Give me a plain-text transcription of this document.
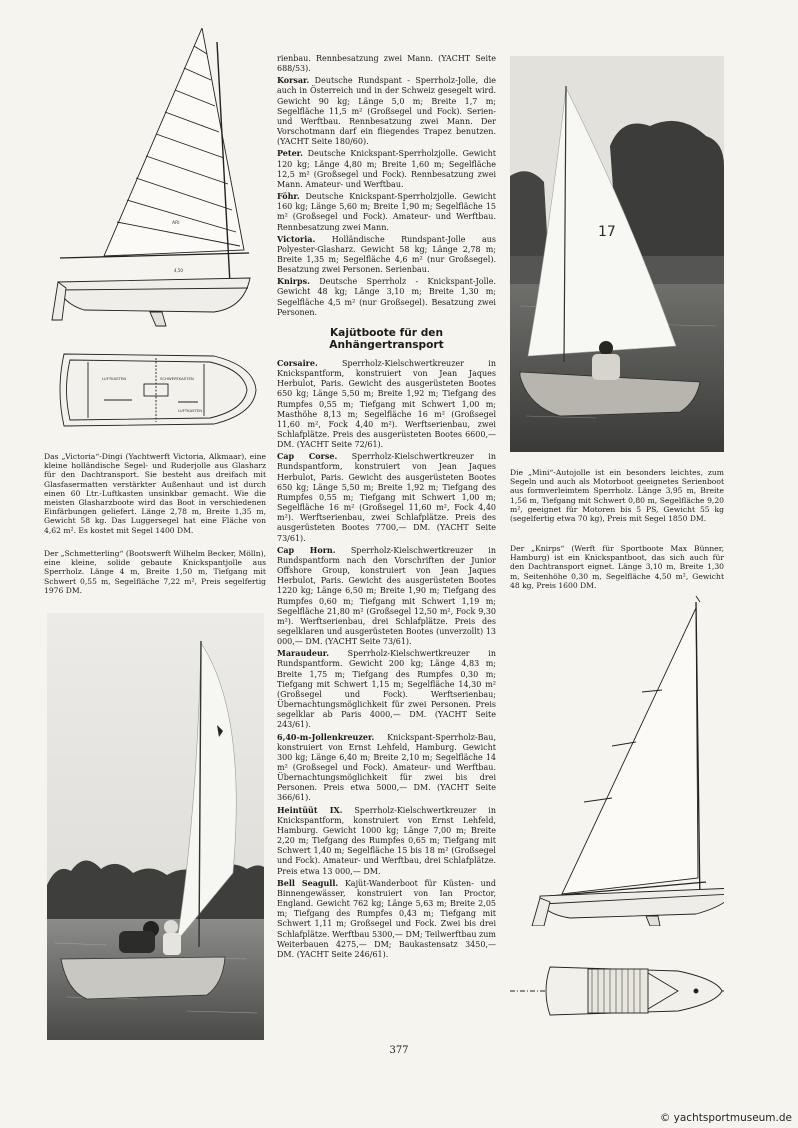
ARI
4,50
LUFTKASTEN	SCHWERTKASTEN
LUFTKASTEN

Das „Victoria“-Dingi (Yachtwerft Victoria, Alkmaar), eine kleine holländische Segel- und Ruderjolle aus Glasharz für den Dachtransport. Sie besteht aus dreifach mit Glasfasermatten verstärkter Außenhaut und ist durch einen 60 Ltr.-Luftkasten unsinkbar gemacht. Wie die meisten Glasharzboote wird das Boot in verschiedenen Einfärbungen geliefert. Länge 2,78 m, Breite 1,35 m, Gewicht 58 kg. Das Luggersegel hat eine Fläche von 4,62 m². Es kostet mit Segel 1400 DM.

Der „Schmetterling“ (Bootswerft Wilhelm Becker, Mölln), eine kleine, solide gebaute Knickspantjolle aus Sperrholz. Länge 4 m, Breite 1,50 m, Tiefgang mit Schwert 0,55 m, Segelfläche 7,22 m², Preis segelfertig 1976 DM.

rienbau. Rennbesatzung zwei Mann. (YACHT Seite 688/53).

Korsar. Deutsche Rundspant - Sperrholz-Jolle, die auch in Österreich und in der Schweiz gesegelt wird. Gewicht 90 kg; Länge 5,0 m; Breite 1,7 m; Segelfläche 11,5 m² (Großsegel und Fock). Serien- und Werftbau. Rennbesatzung zwei Mann. Der Vorschotmann darf ein fliegendes Trapez benutzen. (YACHT Seite 180/60).

Peter. Deutsche Knickspant-Sperrholzjolle. Gewicht 120 kg; Länge 4,80 m; Breite 1,60 m; Segelfläche 12,5 m² (Großsegel und Fock). Rennbesatzung zwei Mann. Amateur- und Werftbau.

Föhr. Deutsche Knickspant-Sperrholzjolle. Gewicht 160 kg; Länge 5,60 m; Breite 1,90 m; Segelfläche 15 m² (Großsegel und Fock). Amateur- und Werftbau. Rennbesatzung zwei Mann.

Victoria. Holländische Rundspant-Jolle aus Polyester-Glasharz. Gewicht 58 kg; Länge 2,78 m; Breite 1,35 m; Segelfläche 4,6 m² (nur Großsegel). Besatzung zwei Personen. Serienbau.

Knirps. Deutsche Sperrholz - Knickspant-Jolle. Gewicht 48 kg; Länge 3,10 m; Breite 1,30 m; Segelfläche 4,5 m² (nur Großsegel). Besatzung zwei Personen.

Kajütboote für den
Anhängertransport

Corsaire. Sperrholz-Kielschwertkreuzer in Knickspantform, konstruiert von Jean Jaques Herbulot, Paris. Gewicht des ausgerüsteten Bootes 650 kg; Länge 5,50 m; Breite 1,92 m; Tiefgang des Rumpfes 0,55 m; Tiefgang mit Schwert 1,00 m; Masthöhe 8,13 m; Segelfläche 16 m² (Großsegel 11,60 m², Fock 4,40 m²). Werftserienbau, zwei Schlafplätze. Preis des ausgerüsteten Bootes 6600,— DM. (YACHT Seite 72/61).

Cap Corse. Sperrholz-Kielschwertkreuzer in Rundspantform, konstruiert von Jean Jaques Herbulot, Paris. Gewicht des ausgerüsteten Bootes 650 kg; Länge 5,50 m; Breite 1,92 m; Tiefgang des Rumpfes 0,55 m; Tiefgang mit Schwert 1,00 m; Segelfläche 16 m² (Großsegel 11,60 m², Fock 4,40 m²). Werftserienbau, zwei Schlafplätze. Preis des ausgerüsteten Bootes 7700,— DM. (YACHT Seite 73/61).

Cap Horn. Sperrholz-Kielschwertkreuzer in Rundspantform nach den Vorschriften der Junior Offshore Group, konstruiert von Jean Jaques Herbulot, Paris. Gewicht des ausgerüsteten Bootes 1220 kg; Länge 6,50 m; Breite 1,90 m; Tiefgang des Rumpfes 0,60 m; Tiefgang mit Schwert 1,19 m; Segelfläche 21,80 m² (Großsegel 12,50 m², Fock 9,30 m²). Werftserienbau, drei Schlafplätze. Preis des segelklaren und ausgerüsteten Bootes (unverzollt) 13 000,— DM. (YACHT Seite 73/61).

Maraudeur. Sperrholz-Kielschwertkreuzer in Rundspantform. Gewicht 200 kg; Länge 4,83 m; Breite 1,75 m; Tiefgang des Rumpfes 0,30 m; Tiefgang mit Schwert 1,15 m; Segelfläche 14,30 m² (Großsegel und Fock). Werftserienbau; Übernachtungsmöglichkeit für zwei Personen. Preis segelklar ab Paris 4000,— DM. (YACHT Seite 243/61).

6,40-m-Jollenkreuzer. Knickspant-Sperrholz-Bau, konstruiert von Ernst Lehfeld, Hamburg. Gewicht 300 kg; Länge 6,40 m; Breite 2,10 m; Segelfläche 14 m² (Großsegel und Fock). Amateur- und Werftbau. Übernachtungsmöglichkeit für zwei bis drei Personen. Preis etwa 5000,— DM. (YACHT Seite 366/61).

Heintüüt IX. Sperrholz-Kielschwertkreuzer in Knickspantform, konstruiert von Ernst Lehfeld, Hamburg. Gewicht 1000 kg; Länge 7,00 m; Breite 2,20 m; Tiefgang des Rumpfes 0,65 m; Tiefgang mit Schwert 1,40 m; Segelfläche 15 bis 18 m² (Großsegel und Fock). Amateur- und Werftbau, drei Schlafplätze. Preis etwa 13 000,— DM.

Bell Seagull. Kajüt-Wanderboot für Küsten- und Binnengewässer, konstruiert von Ian Proctor, England. Gewicht 762 kg; Länge 5,63 m; Breite 2,05 m; Tiefgang des Rumpfes 0,43 m; Tiefgang mit Schwert 1,11 m; Großsegel und Fock. Zwei bis drei Schlafplätze. Werftbau 5300,— DM; Teilwerftbau zum Weiterbauen 4275,— DM; Baukastensatz 3450,— DM. (YACHT Seite 246/61).

17

Die „Mini“-Autojolle ist ein besonders leichtes, zum Segeln und auch als Motorboot geeignetes Serienboot aus formverleimtem Sperrholz. Länge 3,95 m, Breite 1,56 m, Tiefgang mit Schwert 0,80 m, Segelfläche 9,20 m², geeignet für Motoren bis 5 PS, Gewicht 55 kg (segelfertig etwa 70 kg), Preis mit Segel 1850 DM.

Der „Knirps“ (Werft für Sportboote Max Bünner, Hamburg) ist ein Knickspantboot, das sich auch für den Dachtransport eignet. Länge 3,10 m, Breite 1,30 m, Seitenhöhe 0,30 m, Segelfläche 4,50 m², Gewicht 48 kg, Preis 1600 DM.

377
© yachtsportmuseum.de
